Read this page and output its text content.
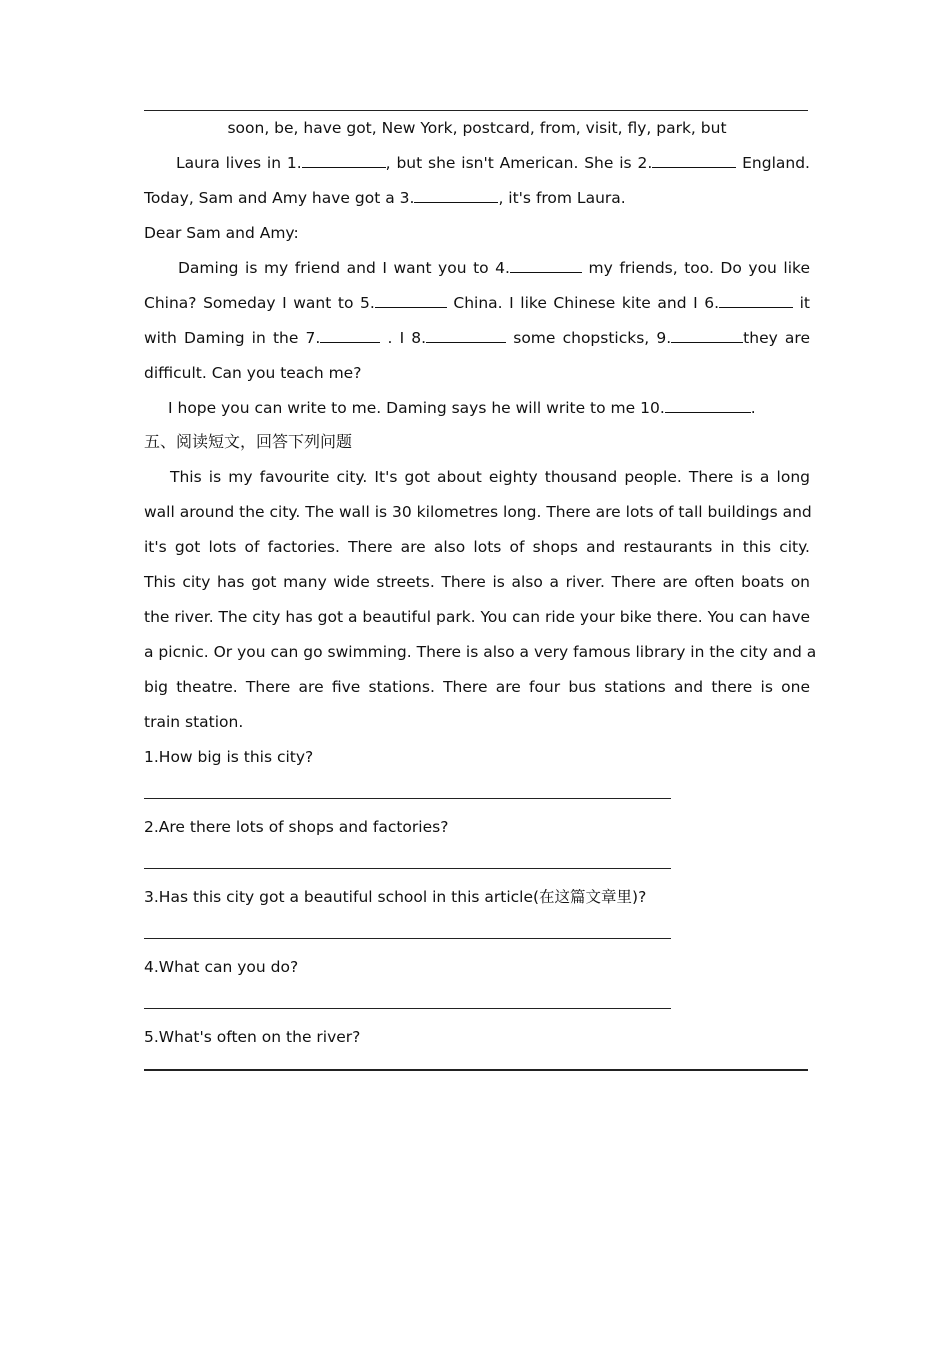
soon, be, have got, New York, postcard, from, visit, fly, park, but
Laura lives in 1.	, but she isn't American. She is 2.	England.
Today, Sam and Amy have got a 3.	, it's from Laura.
Dear Sam and Amy:
Daming is my friend and I want you to 4.	my friends, too. Do you like
China? Someday I want to 5.	China. I like Chinese kite and I 6.	it
with Daming in the 7.	. I 8.	some chopsticks, 9.	they are
difficult. Can you teach me?
I hope you can write to me. Daming says he will write to me 10.	.
五、阅读短文，回答下列问题
This is my favourite city. It's got about eighty thousand people. There is a long
wall around the city. The wall is 30 kilometres long. There are lots of tall buildings and
it's got lots of factories. There are also lots of shops and restaurants in this city.
This city has got many wide streets. There is also a river. There are often boats on
the river. The city has got a beautiful park. You can ride your bike there. You can have
a picnic. Or you can go swimming. There is also a very famous library in the city and a
big theatre. There are five stations. There are four bus stations and there is one
train station.
1.How big is this city?
2.Are there lots of shops and factories?
3.Has this city got a beautiful school in this article(在这篇文章里)?
4.What can you do?
5.What's often on the river?
